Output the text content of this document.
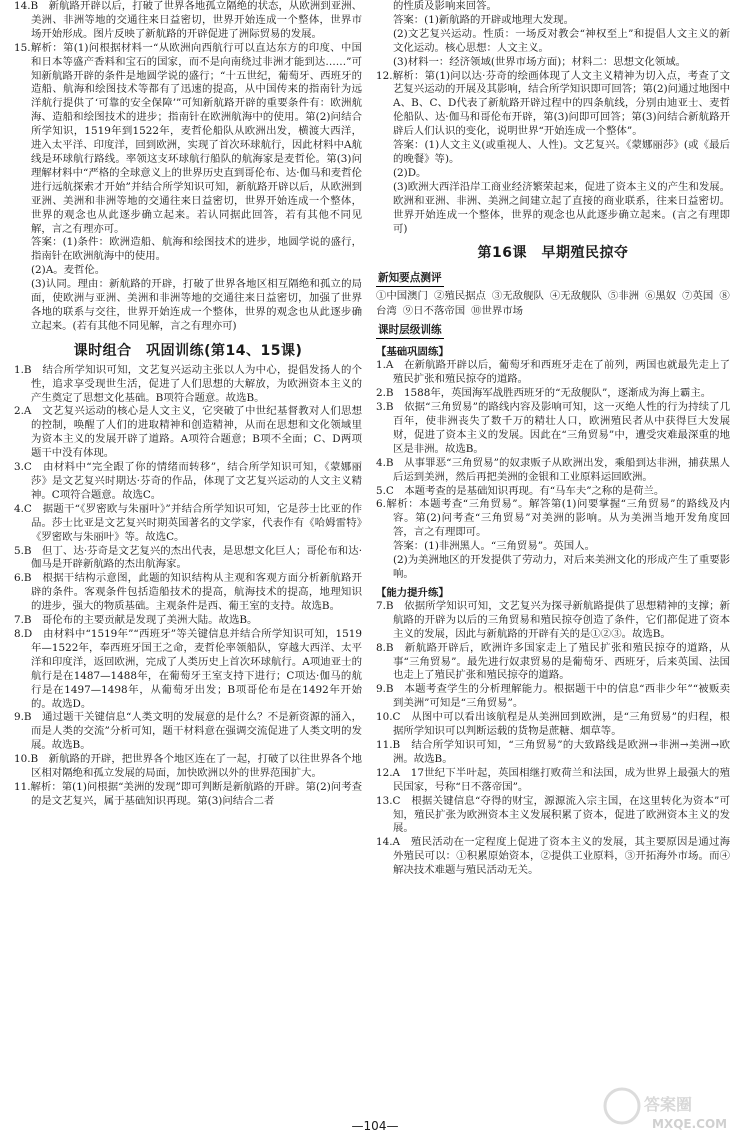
14.B　新航路开辟以后，打破了世界各地孤立隔绝的状态，从欧洲到亚洲、美洲、非洲等地的交通往来日益密切，世界开始连成一个整体，世界市场开始形成。图片反映了新航路的开辟促进了洲际贸易的发展。
15.解析：第(1)问根据材料一“从欧洲向西航行可以直达东方的印度、中国和日本等盛产香料和宝石的国家，而不是向南绕过非洲才能到达……”可知新航路开辟的条件是地圆学说的盛行；“十五世纪，葡萄牙、西班牙的造船、航海和绘图技术等都有了迅速的提高，从中国传来的指南针为远洋航行提供了‘可靠的安全保障’”可知新航路开辟的重要条件有：欧洲航海、造船和绘图技术的进步；指南针在欧洲航海中的使用。第(2)问结合所学知识，1519年到1522年，麦哲伦船队从欧洲出发，横渡大西洋，进入太平洋、印度洋，回到欧洲，实现了首次环球航行，因此材料中A航线是环球航行路线。率领这支环球航行船队的航海家是麦哲伦。第(3)问理解材料中“严格的全球意义上的世界历史直到哥伦布、达·伽马和麦哲伦进行远航探索才开始”并结合所学知识可知，新航路开辟以后，从欧洲到亚洲、美洲和非洲等地的交通往来日益密切，世界开始连成一个整体，世界的观念也从此逐步确立起来。若认同据此回答，若有其他不同见解，言之有理亦可。
答案：(1)条件：欧洲造船、航海和绘图技术的进步，地圆学说的盛行，指南针在欧洲航海中的使用。
(2)A。麦哲伦。
(3)认同。理由：新航路的开辟，打破了世界各地区相互隔绝和孤立的局面，使欧洲与亚洲、美洲和非洲等地的交通往来日益密切，加强了世界各地的联系与交往，世界开始连成一个整体，世界的观念也从此逐步确立起来。(若有其他不同见解，言之有理亦可)
课时组合　巩固训练(第14、15课)
1.B　结合所学知识可知，文艺复兴运动主张以人为中心，提倡发扬人的个性，追求享受现世生活，促进了人们思想的大解放，为欧洲资本主义的产生奠定了思想文化基础。B项符合题意。故选B。
2.A　文艺复兴运动的核心是人文主义，它突破了中世纪基督教对人们思想的控制，唤醒了人们的进取精神和创造精神，从而在思想和文化领域里为资本主义的发展开辟了道路。A项符合题意；B项不全面；C、D两项题干中没有体现。
3.C　由材料中“完全跟了你的情绪而转移”，结合所学知识可知，《蒙娜丽莎》是文艺复兴时期达·芬奇的作品，体现了文艺复兴运动的人文主义精神。C项符合题意。故选C。
4.C　据题干“《罗密欧与朱丽叶》”并结合所学知识可知，它是莎士比亚的作品。莎士比亚是文艺复兴时期英国著名的文学家，代表作有《哈姆雷特》《罗密欧与朱丽叶》等。故选C。
5.B　但丁、达·芬奇是文艺复兴的杰出代表，是思想文化巨人；哥伦布和达·伽马是开辟新航路的杰出航海家。
6.B　根据干结构示意图，此题的知识结构从主观和客观方面分析新航路开辟的条件。客观条件包括造船技术的提高，航海技术的提高，地理知识的进步，强大的物质基础。主观条件是西、葡王室的支持。故选B。
7.B　哥伦布的主要贡献是发现了美洲大陆。故选B。
8.D　由材料中“1519年”“西班牙”等关键信息并结合所学知识可知，1519年—1522年，奉西班牙国王之命，麦哲伦率领船队，穿越大西洋、太平洋和印度洋，返回欧洲，完成了人类历史上首次环球航行。A项迪亚士的航行是在1487—1488年，在葡萄牙王室支持下进行；C项达·伽马的航行是在1497—1498年，从葡萄牙出发；B项哥伦布是在1492年开始的。故选D。
9.B　通过题干关键信息“人类文明的发展意的是什么？不是新资源的涌入，而是人类的交流”分析可知，题干材料意在强调交流促进了人类文明的发展。故选B。
10.B　新航路的开辟，把世界各个地区连在了一起，打破了以往世界各个地区相对隔绝和孤立发展的局面，加快欧洲以外的世界范围扩大。
11.解析：第(1)问根据“美洲的发现”即可判断是新航路的开辟。第(2)问考查的是文艺复兴，属于基础知识再现。第(3)问结合二者
的性质及影响来回答。
答案：(1)新航路的开辟或地理大发现。
(2)文艺复兴运动。性质：一场反对教会“神权至上”和提倡人文主义的新文化运动。核心思想：人文主义。
(3)材料一：经济领域(世界市场方面)；材料二：思想文化领域。
12.解析：第(1)问以达·芬奇的绘画体现了人文主义精神为切入点，考查了文艺复兴运动的开展及其影响，结合所学知识即可回答；第(2)问通过地图中A、B、C、D代表了新航路开辟过程中的四条航线，分别由迪亚士、麦哲伦船队、达·伽马和哥伦布开辟，第(3)问即可回答；第(3)问结合新航路开辟后人们认识的变化，说明世界“开始连成一个整体”。
答案：(1)人文主义(或重视人、人性)。文艺复兴。《蒙娜丽莎》(或《最后的晚餐》等)。
(2)D。
(3)欧洲大西洋沿岸工商业经济繁荣起来，促进了资本主义的产生和发展。欧洲和亚洲、非洲、美洲之间建立起了直接的商业联系，往来日益密切。世界开始连成一个整体，世界的观念也从此逐步确立起来。(言之有理即可)
第16课　早期殖民掠夺
新知要点测评
①中国澳门 ②殖民据点 ③无敌舰队 ④无敌舰队 ⑤非洲 ⑥黑奴 ⑦英国 ⑧台湾 ⑨日不落帝国 ⑩世界市场
课时层级训练
【基础巩固练】
1.A　在新航路开辟以后，葡萄牙和西班牙走在了前列，两国也就最先走上了殖民扩张和殖民掠夺的道路。
2.B　1588年，英国海军战胜西班牙的“无敌舰队”，逐渐成为海上霸主。
3.B　依据“三角贸易”的路线内容及影响可知，这一灭绝人性的行为持续了几百年，使非洲丧失了数千万的精壮人口，欧洲殖民者从中获得巨大发展财，促进了资本主义的发展。因此在“三角贸易”中，遭受灾难最深重的地区是非洲。故选B。
4.B　从事罪恶“三角贸易”的奴隶贩子从欧洲出发，乘船到达非洲，捕获黑人后运到美洲，然后再把美洲的金银和工业原料运回欧洲。
5.C　本题考查的是基础知识再现。有“马车夫”之称的是荷兰。
6.解析：本题考查“三角贸易”。解答第(1)问要掌握“三角贸易”的路线及内容。第(2)问考查“三角贸易”对美洲的影响。从为美洲当地开发角度回答，言之有理即可。
答案：(1)非洲黑人。“三角贸易”。英国人。
(2)为美洲地区的开发提供了劳动力，对后来美洲文化的形成产生了重要影响。
【能力提升练】
7.B　依据所学知识可知，文艺复兴为探寻新航路提供了思想精神的支撑；新航路的开辟为以后的三角贸易和殖民掠夺创造了条件，它们都促进了资本主义的发展，因此与新航路的开辟有关的是①②③。故选B。
8.B　新航路开辟后，欧洲许多国家走上了殖民扩张和殖民掠夺的道路，从事“三角贸易”。最先进行奴隶贸易的是葡萄牙、西班牙，后来英国、法国也走上了殖民扩张和殖民掠夺的道路。
9.B　本题考查学生的分析理解能力。根据题干中的信息“西非少年”“被贩卖到美洲”可知是“三角贸易”。
10.C　从图中可以看出该航程是从美洲回到欧洲，是“三角贸易”的归程，根据所学知识可以判断运载的货物是蔗糖、烟草等。
11.B　结合所学知识可知，“三角贸易”的大致路线是欧洲→非洲→美洲→欧洲。故选B。
12.A　17世纪下半叶起，英国相继打败荷兰和法国，成为世界上最强大的殖民国家，号称“日不落帝国”。
13.C　根据关键信息“夺得的财宝，源源流入宗主国，在这里转化为资本”可知，殖民扩张为欧洲资本主义发展积累了资本，促进了欧洲资本主义的发展。
14.A　殖民活动在一定程度上促进了资本主义的发展，其主要原因是通过海外殖民可以：①积累原始资本，②提供工业原料，③开拓海外市场。而④解决技术难题与殖民活动无关。
—104—
答案圈
MXQE.COM
